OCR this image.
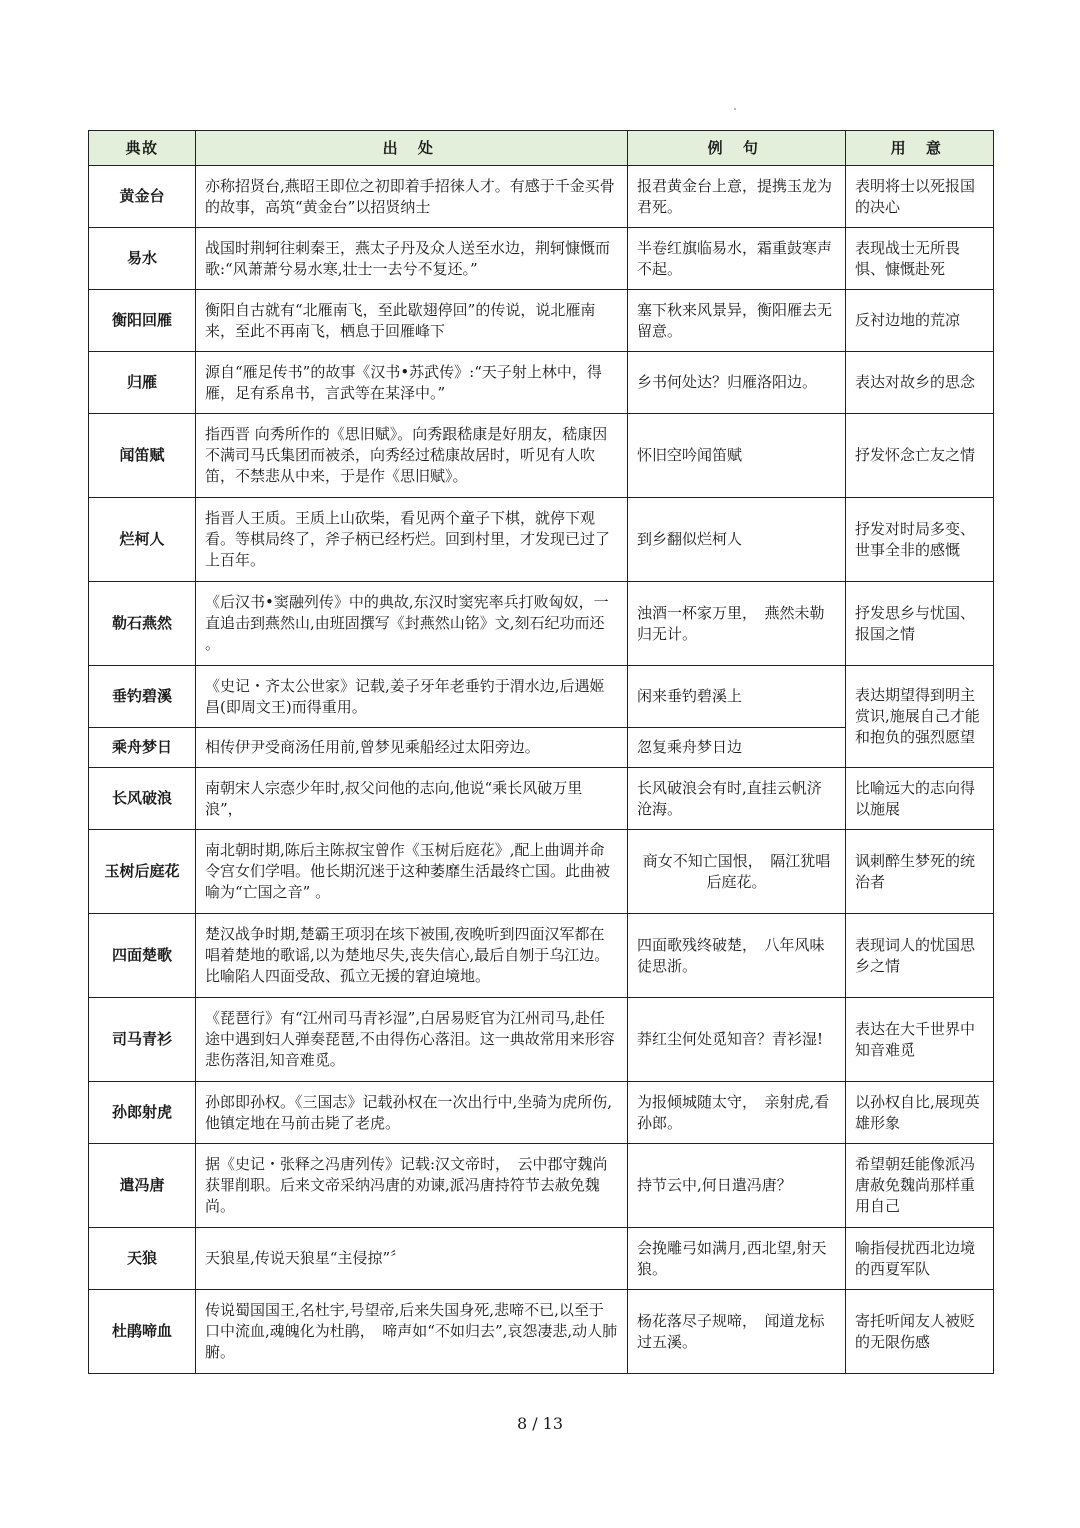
典故	出 处	例 句	用 意
黄金台	亦称招贤台,燕昭王即位之初即着手招徕人才。有感于千金买骨的故事，高筑“黄金台”以招贤纳士	报君黄金台上意，提携玉龙为君死。	表明将士以死报国的决心
易水	战国时荆轲往刺秦王，燕太子丹及众人送至水边，荆轲慷慨而歌:“风萧萧兮易水寒,壮士一去兮不复还。”	半卷红旗临易水，霜重鼓寒声不起。	表现战士无所畏惧、慷慨赴死
衡阳回雁	衡阳自古就有“北雁南飞，至此歇翅停回”的传说，说北雁南来，至此不再南飞，栖息于回雁峰下	塞下秋来风景异，衡阳雁去无留意。	反衬边地的荒凉
归雁	源自“雁足传书”的故事《汉书•苏武传》:“天子射上林中，得雁，足有系帛书，言武等在某泽中。”	乡书何处达？归雁洛阳边。	表达对故乡的思念
闻笛赋	指西晋 向秀所作的《思旧赋》。向秀跟嵇康是好朋友，嵇康因不满司马氏集团而被杀，向秀经过嵇康故居时，听见有人吹笛，不禁悲从中来，于是作《思旧赋》。	怀旧空吟闻笛赋	抒发怀念亡友之情
烂柯人	指晋人王质。王质上山砍柴，看见两个童子下棋，就停下观看。等棋局终了，斧子柄已经朽烂。回到村里，才发现已过了上百年。	到乡翻似烂柯人	抒发对时局多变、世事全非的感慨
勒石燕然	《后汉书•窦融列传》中的典故,东汉时窦宪率兵打败匈奴，一直追击到燕然山,由班固撰写《封燕然山铭》文,刻石纪功而还 。	浊酒一杯家万里，　燕然未勒归无计。	抒发思乡与忧国、报国之情
垂钓碧溪	《史记・齐太公世家》记载,姜子牙年老垂钓于渭水边,后遇姬昌(即周文王)而得重用。	闲来垂钓碧溪上	表达期望得到明主赏识,施展自己才能和抱负的强烈愿望
乘舟梦日	相传伊尹受商汤任用前,曾梦见乘船经过太阳旁边。	忽复乘舟梦日边	
长风破浪	南朝宋人宗悫少年时,叔父问他的志向,他说“乘长风破万里浪”，	长风破浪会有时,直挂云帆济沧海。	比喻远大的志向得以施展
玉树后庭花	南北朝时期,陈后主陈叔宝曾作《玉树后庭花》,配上曲调并命令宫女们学唱。他长期沉迷于这种萎靡生活最终亡国。此曲被喻为“亡国之音” 。	商女不知亡国恨，　隔江犹唱后庭花。	讽刺醉生梦死的统治者
四面楚歌	楚汉战争时期,楚霸王项羽在垓下被围,夜晚听到四面汉军都在唱着楚地的歌谣,以为楚地尽失,丧失信心,最后自刎于乌江边。比喻陷人四面受敌、孤立无援的窘迫境地。	四面歌残终破楚，　八年风味徒思浙。	表现词人的忧国思乡之情
司马青衫	《琵琶行》有“江州司马青衫湿”,白居易贬官为江州司马,赴任途中遇到妇人弹奏琵琶,不由得伤心落泪。这一典故常用来形容悲伤落泪,知音难觅。	莽红尘何处觅知音？青衫湿!	表达在大千世界中知音难觅
孙郎射虎	孙郎即孙权。《三国志》记载孙权在一次出行中,坐骑为虎所伤,他镇定地在马前击毙了老虎。	为报倾城随太守，　亲射虎,看孙郎。	以孙权自比,展现英雄形象
遣冯唐	据《史记・张释之冯唐列传》记载:汉文帝时，　云中郡守魏尚获罪削职。后来文帝采纳冯唐的劝谏,派冯唐持符节去赦免魏尚。	持节云中,何日遣冯唐？	希望朝廷能像派冯唐赦免魏尚那样重用自己
天狼	天狼星,传说天狼星“主侵掠”〞	会挽雕弓如满月,西北望,射天狼。	喻指侵扰西北边境的西夏军队
杜鹃啼血	传说蜀国国王,名杜宇,号望帝,后来失国身死,悲啼不已,以至于口中流血,魂魄化为杜鹃，　啼声如“不如归去”,哀怨凄悲,动人肺腑。	杨花落尽子规啼，　闻道龙标过五溪。	寄托听闻友人被贬的无限伤感
8 / 13
